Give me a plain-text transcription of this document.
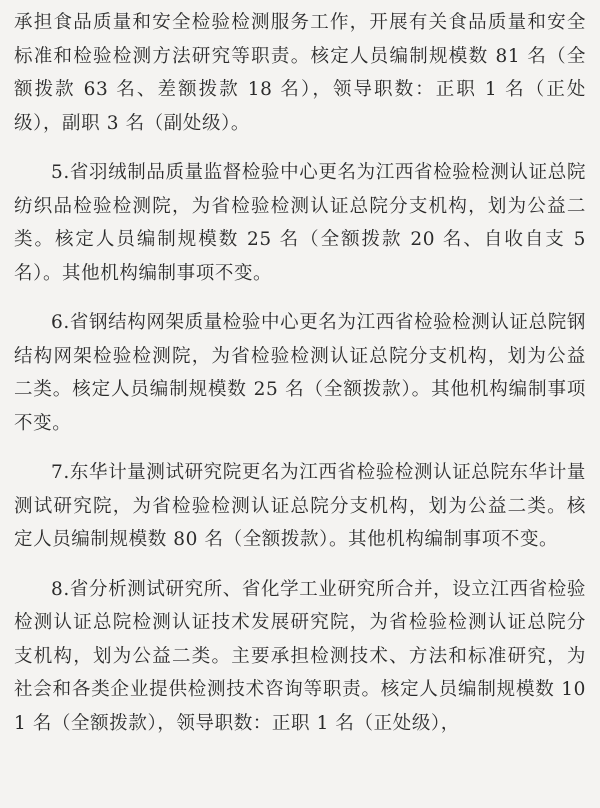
承担食品质量和安全检验检测服务工作，开展有关食品质量和安全标准和检验检测方法研究等职责。核定人员编制规模数 81 名（全额拨款 63 名、差额拨款 18 名），领导职数：正职 1 名（正处级），副职 3 名（副处级）。

5.省羽绒制品质量监督检验中心更名为江西省检验检测认证总院纺织品检验检测院，为省检验检测认证总院分支机构，划为公益二类。核定人员编制规模数 25 名（全额拨款 20 名、自收自支 5 名）。其他机构编制事项不变。

6.省钢结构网架质量检验中心更名为江西省检验检测认证总院钢结构网架检验检测院，为省检验检测认证总院分支机构，划为公益二类。核定人员编制规模数 25 名（全额拨款）。其他机构编制事项不变。

7.东华计量测试研究院更名为江西省检验检测认证总院东华计量测试研究院，为省检验检测认证总院分支机构，划为公益二类。核定人员编制规模数 80 名（全额拨款）。其他机构编制事项不变。

8.省分析测试研究所、省化学工业研究所合并，设立江西省检验检测认证总院检测认证技术发展研究院，为省检验检测认证总院分支机构，划为公益二类。主要承担检测技术、方法和标准研究，为社会和各类企业提供检测技术咨询等职责。核定人员编制规模数 101 名（全额拨款），领导职数：正职 1 名（正处级），
